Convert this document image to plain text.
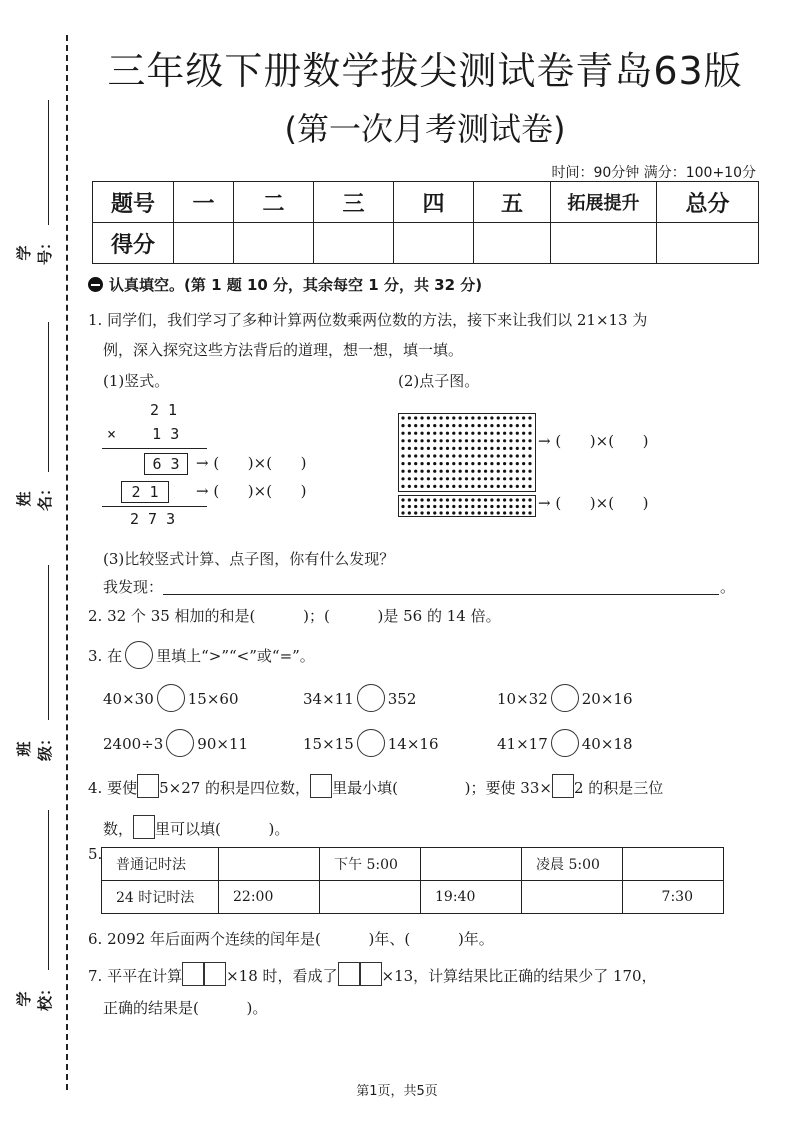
学号：
姓名：
班级：
学校：
三年级下册数学拔尖测试卷青岛63版
(第一次月考测试卷)
时间：90分钟 满分：100+10分
题号	一	二	三	四	五	拓展提升	总分
得分							
认真填空。(第 1 题 10 分，其余每空 1 分，共 32 分)
1. 同学们，我们学习了多种计算两位数乘两位数的方法，接下来让我们以 21×13 为
例，深入探究这些方法背后的道理，想一想，填一填。
(1)竖式。	(2)点子图。
2 1
×    1 3
6 3	→ (      )×(      )
2 1	→ (      )×(      )
2 7 3
→ (      )×(      )
→ (      )×(      )
(3)比较竖式计算、点子图，你有什么发现？
我发现：	。
2. 32 个 35 相加的和是(          )；(          )是 56 的 14 倍。
3. 在 里填上“>”“<”或“=”。
40×30 15×60	34×11 352	10×32 20×16
2400÷3 90×11	15×15 14×16	41×17 40×18
4. 要使 5×27 的积是四位数， 里最小填(              )；要使 33× 2 的积是三位
数， 里可以填(          )。
5.
普通记时法		下午 5:00		凌晨 5:00	
24 时记时法	22:00		19:40		7:30
6. 2092 年后面两个连续的闰年是(          )年、(          )年。
7. 平平在计算	×18 时，看成了	×13，计算结果比正确的结果少了 170，
正确的结果是(          )。
第1页，共5页
